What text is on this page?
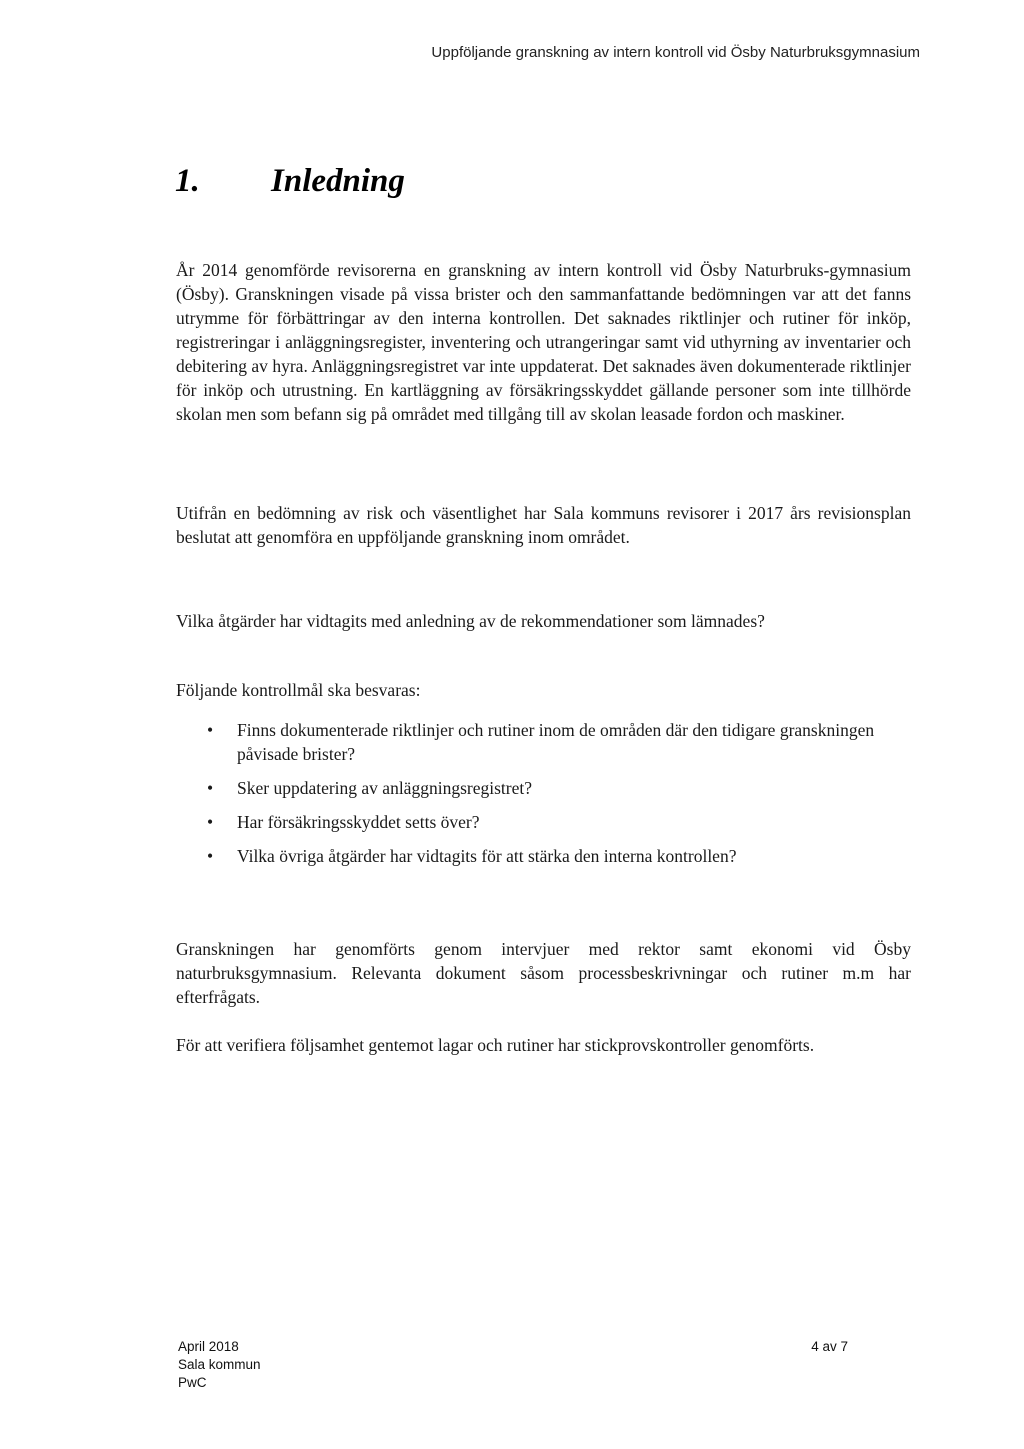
Uppföljande granskning av intern kontroll vid Ösby Naturbruksgymnasium
1. Inledning

År 2014 genomförde revisorerna en granskning av intern kontroll vid Ösby Naturbruks-gymnasium (Ösby). Granskningen visade på vissa brister och den sammanfattande bedömningen var att det fanns utrymme för förbättringar av den interna kontrollen. Det saknades riktlinjer och rutiner för inköp, registreringar i anläggningsregister, inventering och utrangeringar samt vid uthyrning av inventarier och debitering av hyra. Anläggningsregistret var inte uppdaterat. Det saknades även dokumenterade riktlinjer för inköp och utrustning. En kartläggning av försäkringsskyddet gällande personer som inte tillhörde skolan men som befann sig på området med tillgång till av skolan leasade fordon och maskiner.

Utifrån en bedömning av risk och väsentlighet har Sala kommuns revisorer i 2017 års revisionsplan beslutat att genomföra en uppföljande granskning inom området.

Vilka åtgärder har vidtagits med anledning av de rekommendationer som lämnades?

Följande kontrollmål ska besvaras:

• Finns dokumenterade riktlinjer och rutiner inom de områden där den tidigare granskningen påvisade brister?
• Sker uppdatering av anläggningsregistret?
• Har försäkringsskyddet setts över?
• Vilka övriga åtgärder har vidtagits för att stärka den interna kontrollen?

Granskningen har genomförts genom intervjuer med rektor samt ekonomi vid Ösby naturbruksgymnasium. Relevanta dokument såsom processbeskrivningar och rutiner m.m har efterfrågats.

För att verifiera följsamhet gentemot lagar och rutiner har stickprovskontroller genomförts.

April 2018
Sala kommun
PwC
4 av 7
